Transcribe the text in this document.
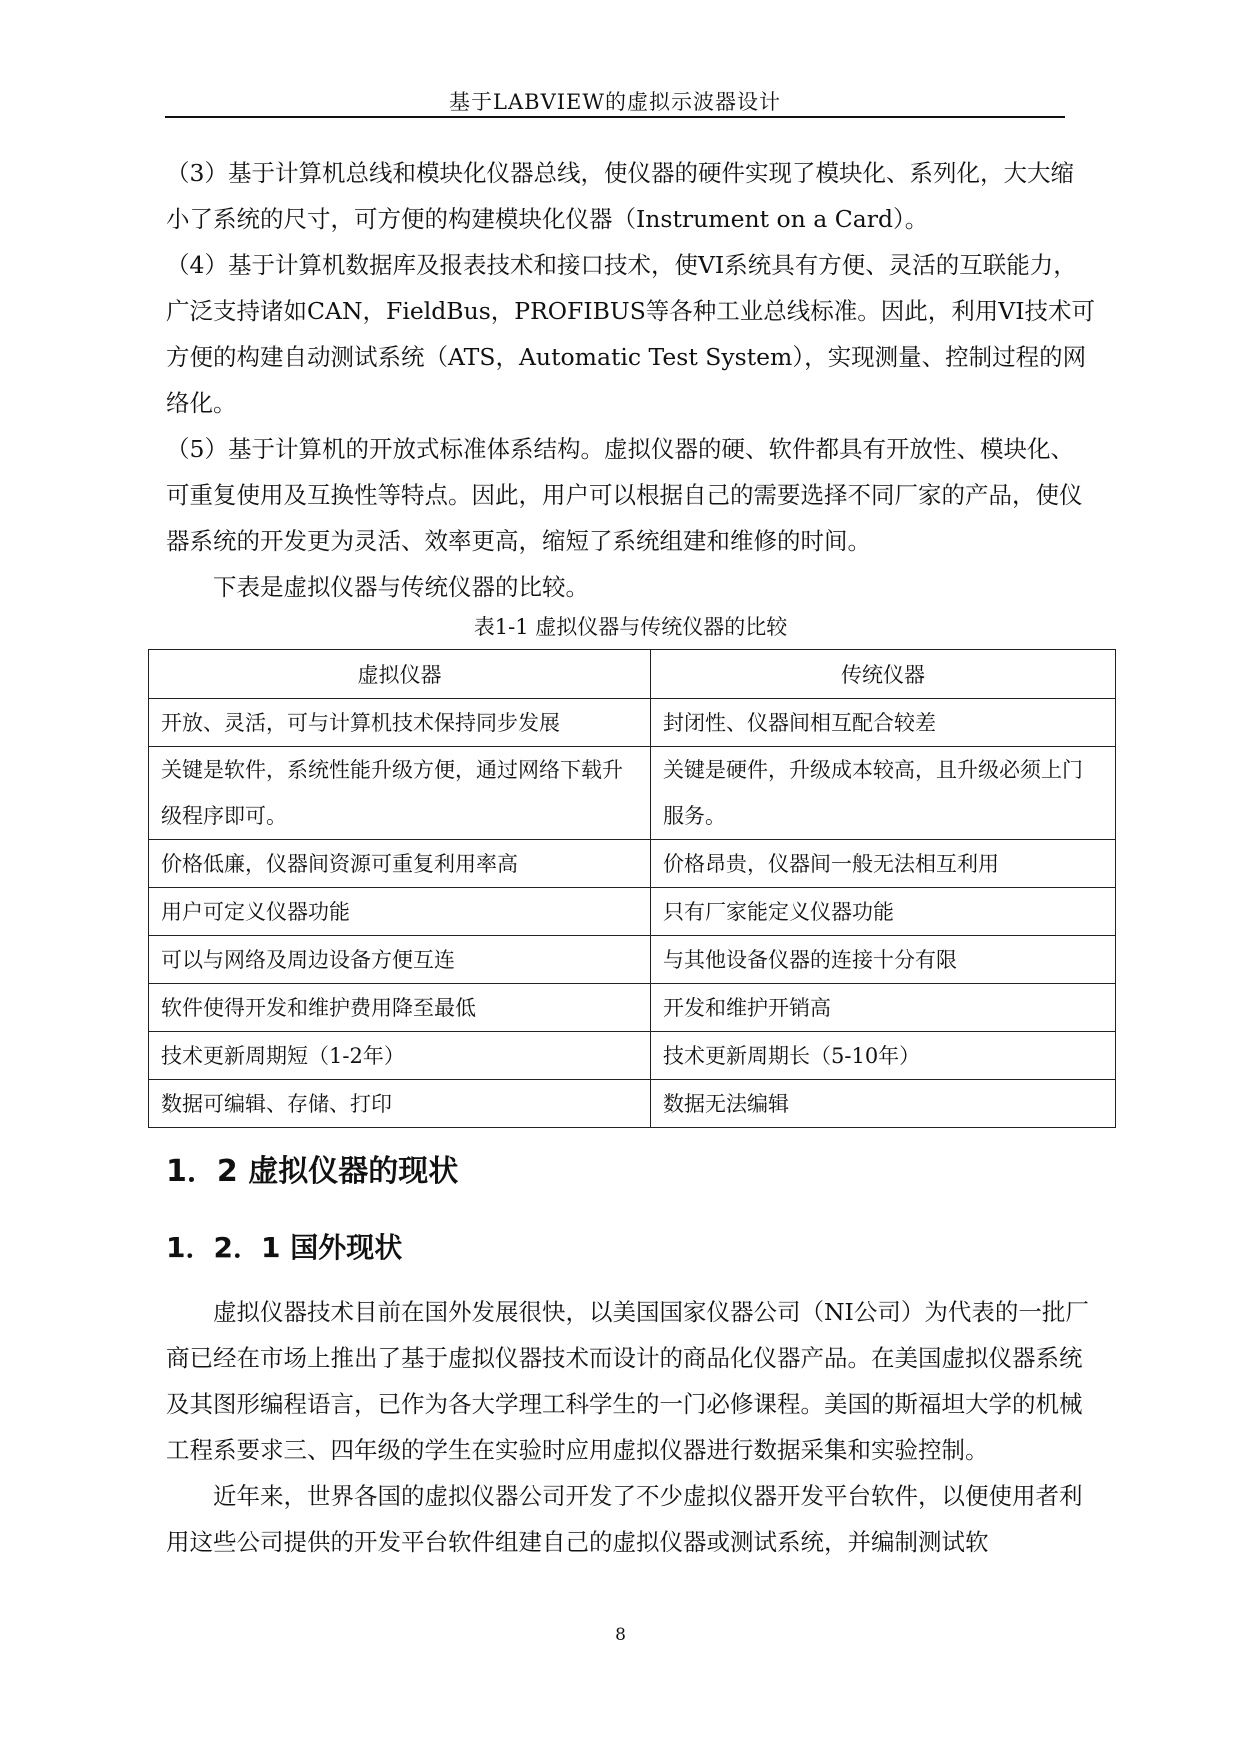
基于LABVIEW的虚拟示波器设计

（3）基于计算机总线和模块化仪器总线，使仪器的硬件实现了模块化、系列化，大大缩小了系统的尺寸，可方便的构建模块化仪器（Instrument on a Card）。

（4）基于计算机数据库及报表技术和接口技术，使VI系统具有方便、灵活的互联能力，广泛支持诸如CAN，FieldBus，PROFIBUS等各种工业总线标准。因此，利用VI技术可方便的构建自动测试系统（ATS，Automatic Test System），实现测量、控制过程的网络化。

（5）基于计算机的开放式标准体系结构。虚拟仪器的硬、软件都具有开放性、模块化、可重复使用及互换性等特点。因此，用户可以根据自己的需要选择不同厂家的产品，使仪器系统的开发更为灵活、效率更高，缩短了系统组建和维修的时间。

下表是虚拟仪器与传统仪器的比较。

表1-1 虚拟仪器与传统仪器的比较
虚拟仪器	传统仪器
开放、灵活，可与计算机技术保持同步发展	封闭性、仪器间相互配合较差
关键是软件，系统性能升级方便，通过网络下载升级程序即可。	关键是硬件，升级成本较高，且升级必须上门服务。
价格低廉，仪器间资源可重复利用率高	价格昂贵，仪器间一般无法相互利用
用户可定义仪器功能	只有厂家能定义仪器功能
可以与网络及周边设备方便互连	与其他设备仪器的连接十分有限
软件使得开发和维护费用降至最低	开发和维护开销高
技术更新周期短（1-2年）	技术更新周期长（5-10年）
数据可编辑、存储、打印	数据无法编辑
1．2 虚拟仪器的现状
1．2．1 国外现状

虚拟仪器技术目前在国外发展很快，以美国国家仪器公司（NI公司）为代表的一批厂商已经在市场上推出了基于虚拟仪器技术而设计的商品化仪器产品。在美国虚拟仪器系统及其图形编程语言，已作为各大学理工科学生的一门必修课程。美国的斯福坦大学的机械工程系要求三、四年级的学生在实验时应用虚拟仪器进行数据采集和实验控制。

近年来，世界各国的虚拟仪器公司开发了不少虚拟仪器开发平台软件，以便使用者利用这些公司提供的开发平台软件组建自己的虚拟仪器或测试系统，并编制测试软

8
